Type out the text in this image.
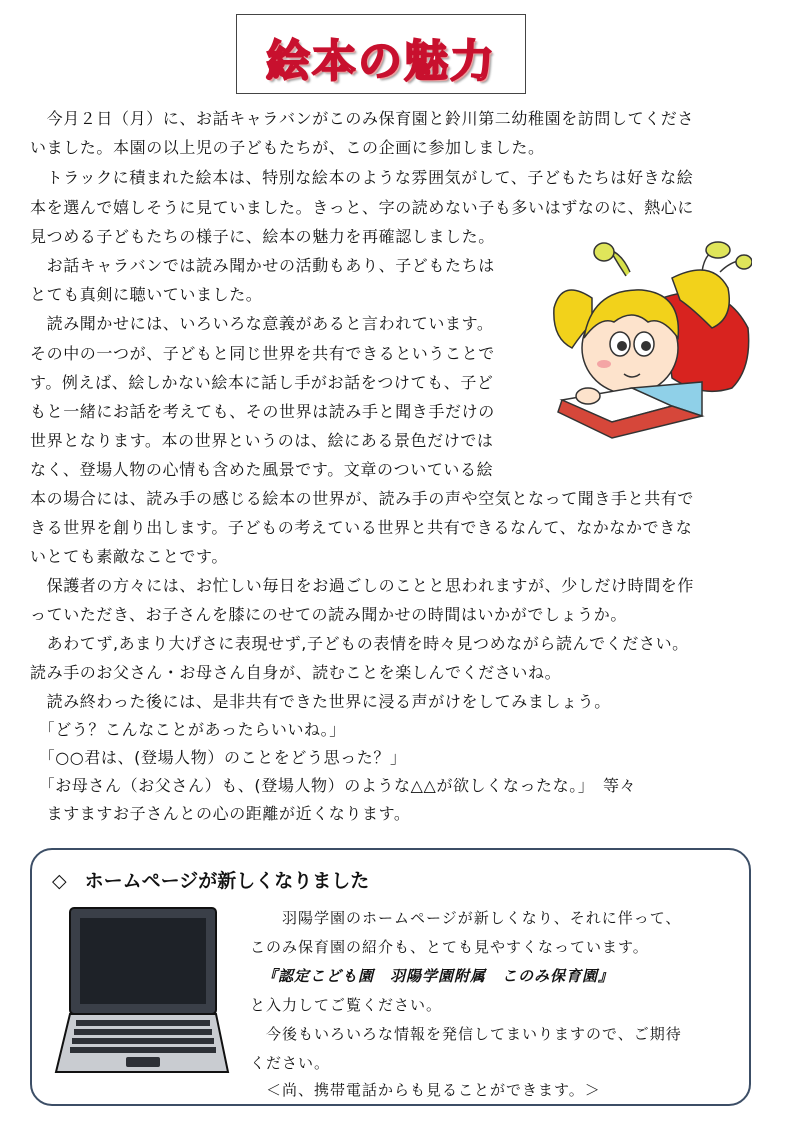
絵本の魅力
　今月２日（月）に、お話キャラバンがこのみ保育園と鈴川第二幼稚園を訪問してくださ
いました。本園の以上児の子どもたちが、この企画に参加しました。
　トラックに積まれた絵本は、特別な絵本のような雰囲気がして、子どもたちは好きな絵
本を選んで嬉しそうに見ていました。きっと、字の読めない子も多いはずなのに、熱心に
見つめる子どもたちの様子に、絵本の魅力を再確認しました。
　お話キャラバンでは読み聞かせの活動もあり、子どもたちは
とても真剣に聴いていました。
　読み聞かせには、いろいろな意義があると言われています。
その中の一つが、子どもと同じ世界を共有できるということで
す。例えば、絵しかない絵本に話し手がお話をつけても、子ど
もと一緒にお話を考えても、その世界は読み手と聞き手だけの
世界となります。本の世界というのは、絵にある景色だけでは
なく、登場人物の心情も含めた風景です。文章のついている絵
本の場合には、読み手の感じる絵本の世界が、読み手の声や空気となって聞き手と共有で
きる世界を創り出します。子どもの考えている世界と共有できるなんて、なかなかできな
いとても素敵なことです。
　保護者の方々には、お忙しい毎日をお過ごしのことと思われますが、少しだけ時間を作
っていただき、お子さんを膝にのせての読み聞かせの時間はいかがでしょうか。
　あわてず,あまり大げさに表現せず,子どもの表情を時々見つめながら読んでください。
読み手のお父さん・お母さん自身が、読むことを楽しんでくださいね。
　読み終わった後には、是非共有できた世界に浸る声がけをしてみましょう。
　「どう？こんなことがあったらいいね。」
　「○○君は、(登場人物）のことをどう思った？」
　「お母さん（お父さん）も、(登場人物）のような△△が欲しくなったな。」　等々
　ますますお子さんとの心の距離が近くなります。
◇ ホームページが新しくなりました
　　羽陽学園のホームページが新しくなり、それに伴って、
このみ保育園の紹介も、とても見やすくなっています。
『認定こども園　羽陽学園附属　このみ保育園』
と入力してご覧ください。
　今後もいろいろな情報を発信してまいりますので、ご期待
ください。
　＜尚、携帯電話からも見ることができます。＞
